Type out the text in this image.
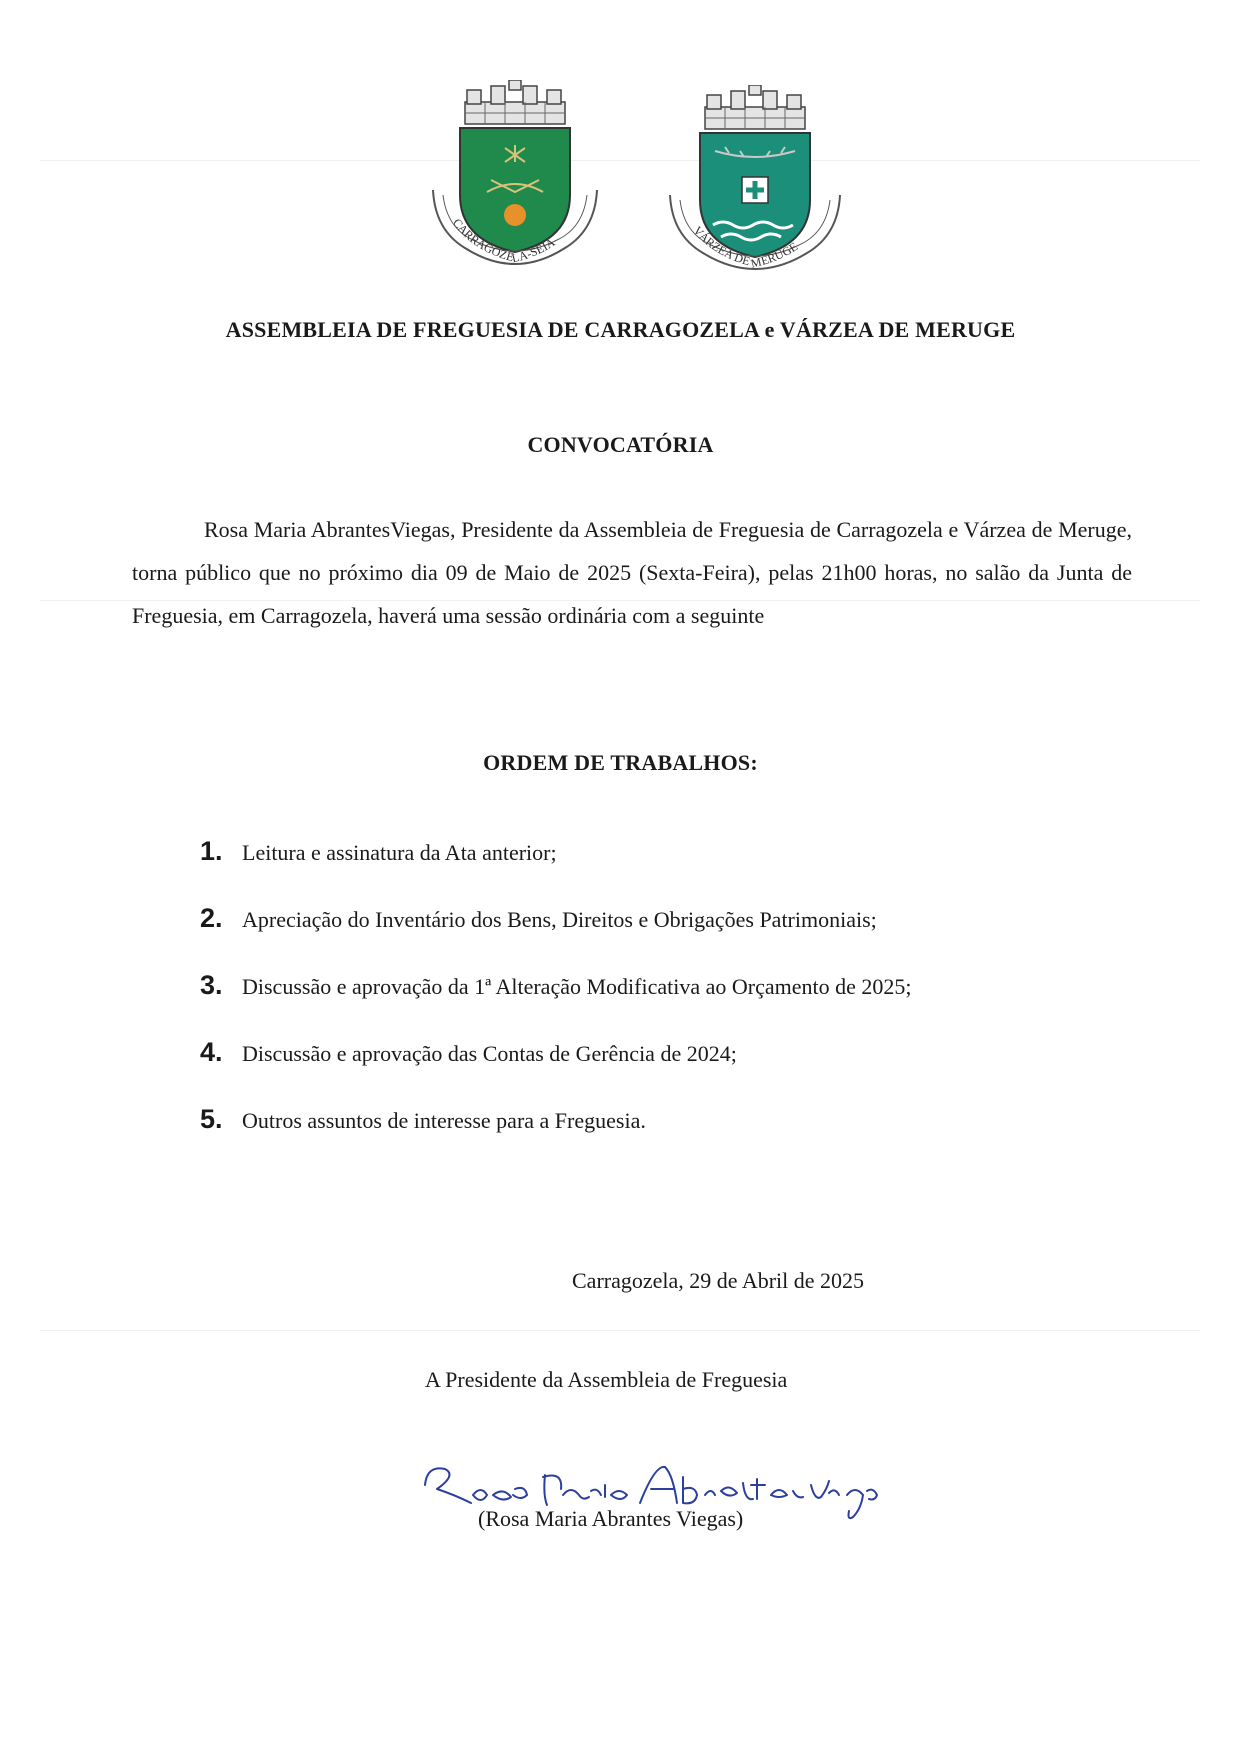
CARRAGOZELA-SEIA
VÁRZEA DE MERUGE
ASSEMBLEIA DE FREGUESIA DE CARRAGOZELA e VÁRZEA DE MERUGE
CONVOCATÓRIA
Rosa Maria AbrantesViegas, Presidente da Assembleia de Freguesia de Carragozela e Várzea de Meruge, torna público que no próximo dia 09 de Maio de 2025 (Sexta-Feira), pelas 21h00 horas, no salão da Junta de Freguesia, em Carragozela, haverá uma sessão ordinária com a seguinte
ORDEM DE TRABALHOS:
1. Leitura e assinatura da Ata anterior;
2. Apreciação do Inventário dos Bens, Direitos e Obrigações Patrimoniais;
3. Discussão e aprovação da 1ª Alteração Modificativa ao Orçamento de 2025;
4. Discussão e aprovação das Contas de Gerência de 2024;
5. Outros assuntos de interesse para a Freguesia.
Carragozela, 29 de Abril de 2025
A Presidente da Assembleia de Freguesia
Rosa Maria Abrantes Viegas
(Rosa Maria Abrantes Viegas)
